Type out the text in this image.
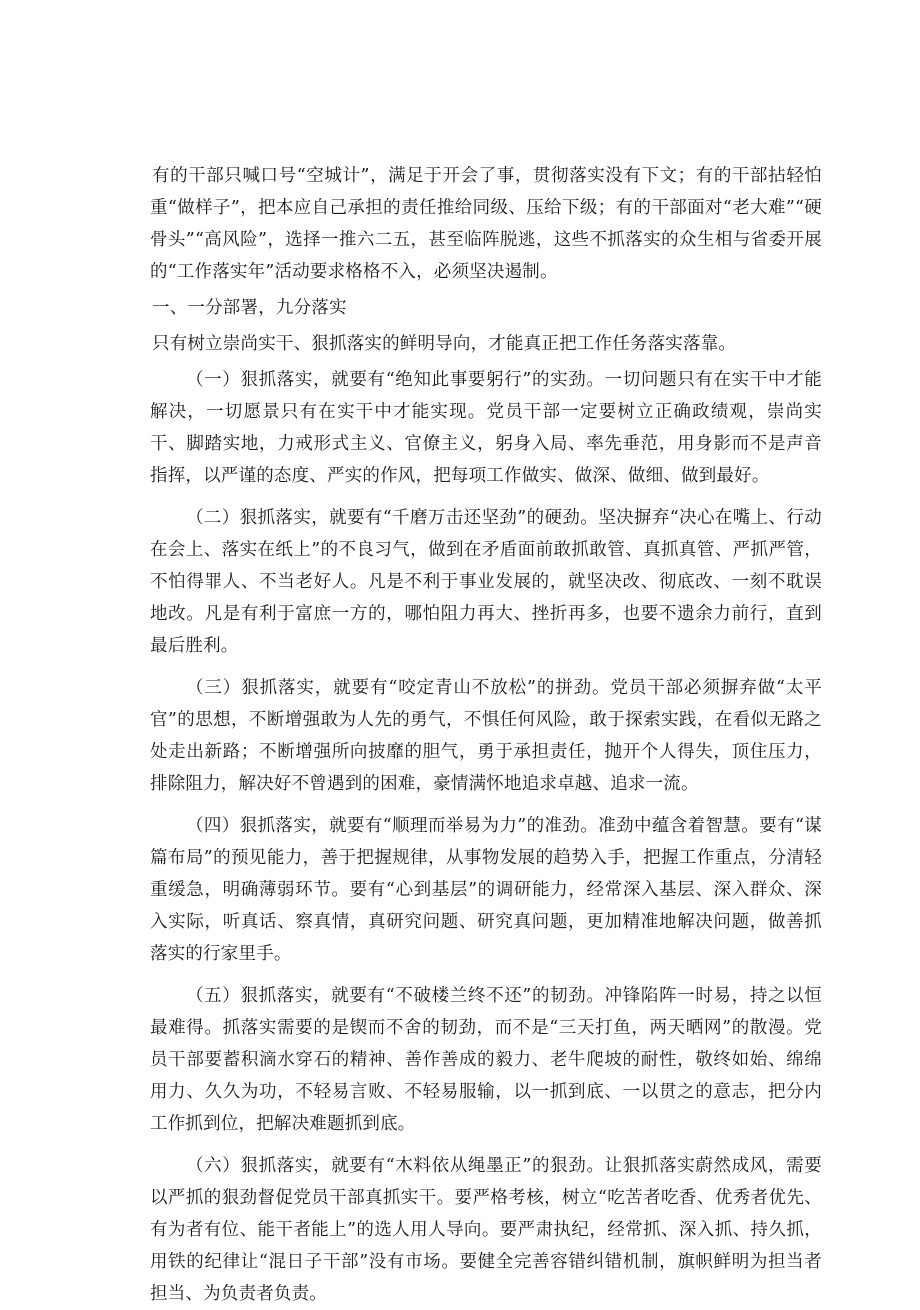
有的干部只喊口号“空城计”，满足于开会了事，贯彻落实没有下文；有的干部拈轻怕重“做样子”，把本应自己承担的责任推给同级、压给下级；有的干部面对“老大难”“硬骨头”“高风险”，选择一推六二五，甚至临阵脱逃，这些不抓落实的众生相与省委开展的“工作落实年”活动要求格格不入，必须坚决遏制。

一、一分部署，九分落实

只有树立崇尚实干、狠抓落实的鲜明导向，才能真正把工作任务落实落靠。

（一）狠抓落实，就要有“绝知此事要躬行”的实劲。一切问题只有在实干中才能解决，一切愿景只有在实干中才能实现。党员干部一定要树立正确政绩观，崇尚实干、脚踏实地，力戒形式主义、官僚主义，躬身入局、率先垂范，用身影而不是声音指挥，以严谨的态度、严实的作风，把每项工作做实、做深、做细、做到最好。

（二）狠抓落实，就要有“千磨万击还坚劲”的硬劲。坚决摒弃“决心在嘴上、行动在会上、落实在纸上”的不良习气，做到在矛盾面前敢抓敢管、真抓真管、严抓严管，不怕得罪人、不当老好人。凡是不利于事业发展的，就坚决改、彻底改、一刻不耽误地改。凡是有利于富庶一方的，哪怕阻力再大、挫折再多，也要不遗余力前行，直到最后胜利。

（三）狠抓落实，就要有“咬定青山不放松”的拼劲。党员干部必须摒弃做“太平官”的思想，不断增强敢为人先的勇气，不惧任何风险，敢于探索实践，在看似无路之处走出新路；不断增强所向披靡的胆气，勇于承担责任，抛开个人得失，顶住压力，排除阻力，解决好不曾遇到的困难，豪情满怀地追求卓越、追求一流。

（四）狠抓落实，就要有“顺理而举易为力”的准劲。准劲中蕴含着智慧。要有“谋篇布局”的预见能力，善于把握规律，从事物发展的趋势入手，把握工作重点，分清轻重缓急，明确薄弱环节。要有“心到基层”的调研能力，经常深入基层、深入群众、深入实际，听真话、察真情，真研究问题、研究真问题，更加精准地解决问题，做善抓落实的行家里手。

（五）狠抓落实，就要有“不破楼兰终不还”的韧劲。冲锋陷阵一时易，持之以恒最难得。抓落实需要的是锲而不舍的韧劲，而不是“三天打鱼，两天晒网”的散漫。党员干部要蓄积滴水穿石的精神、善作善成的毅力、老牛爬坡的耐性，敬终如始、绵绵用力、久久为功，不轻易言败、不轻易服输，以一抓到底、一以贯之的意志，把分内工作抓到位，把解决难题抓到底。

（六）狠抓落实，就要有“木料依从绳墨正”的狠劲。让狠抓落实蔚然成风，需要以严抓的狠劲督促党员干部真抓实干。要严格考核，树立“吃苦者吃香、优秀者优先、有为者有位、能干者能上”的选人用人导向。要严肃执纪，经常抓、深入抓、持久抓，用铁的纪律让“混日子干部”没有市场。要健全完善容错纠错机制，旗帜鲜明为担当者担当、为负责者负责。
